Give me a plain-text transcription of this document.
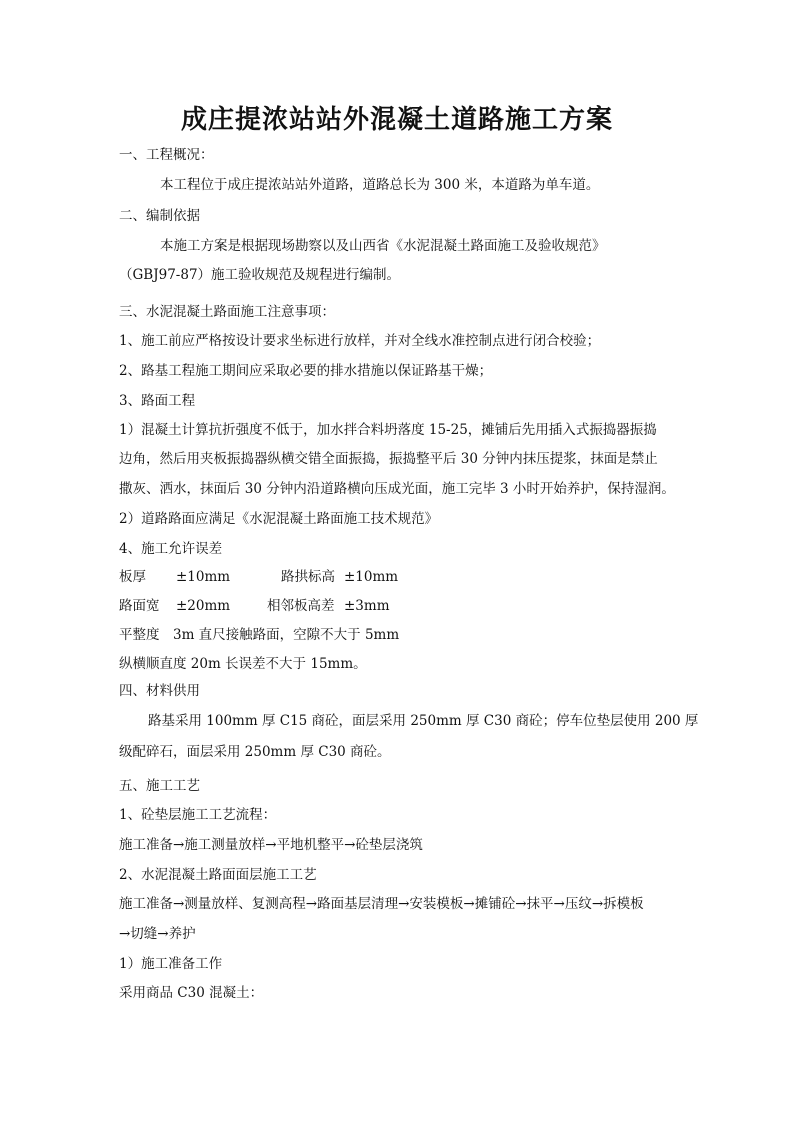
成庄提浓站站外混凝土道路施工方案
一、工程概况：
本工程位于成庄提浓站站外道路，道路总长为 300 米，本道路为单车道。
二、编制依据
本施工方案是根据现场勘察以及山西省《水泥混凝土路面施工及验收规范》
（GBJ97-87）施工验收规范及规程进行编制。
三、水泥混凝土路面施工注意事项：
1、施工前应严格按设计要求坐标进行放样，并对全线水准控制点进行闭合校验；
2、路基工程施工期间应采取必要的排水措施以保证路基干燥；
3、路面工程
1）混凝土计算抗折强度不低于，加水拌合料坍落度 15-25，摊铺后先用插入式振捣器振捣
边角，然后用夹板振捣器纵横交错全面振捣，振捣整平后 30 分钟内抹压提浆，抹面是禁止
撒灰、洒水，抹面后 30 分钟内沿道路横向压成光面，施工完毕 3 小时开始养护，保持湿润。
2）道路路面应满足《水泥混凝土路面施工技术规范》
4、施工允许误差
板厚 ±10mm	路拱标高 ±10mm
路面宽 ±20mm	相邻板高差 ±3mm
平整度　3m 直尺接触路面，空隙不大于 5mm
纵横顺直度 20m 长误差不大于 15mm。
四、材料供用
路基采用 100mm 厚 C15 商砼，面层采用 250mm 厚 C30 商砼；停车位垫层使用 200 厚
级配碎石，面层采用 250mm 厚 C30 商砼。
五、施工工艺
1、砼垫层施工工艺流程：
施工准备→施工测量放样→平地机整平→砼垫层浇筑
2、水泥混凝土路面面层施工工艺
施工准备→测量放样、复测高程→路面基层清理→安装模板→摊铺砼→抹平→压纹→拆模板
→切缝→养护
1）施工准备工作
采用商品 C30 混凝土：
